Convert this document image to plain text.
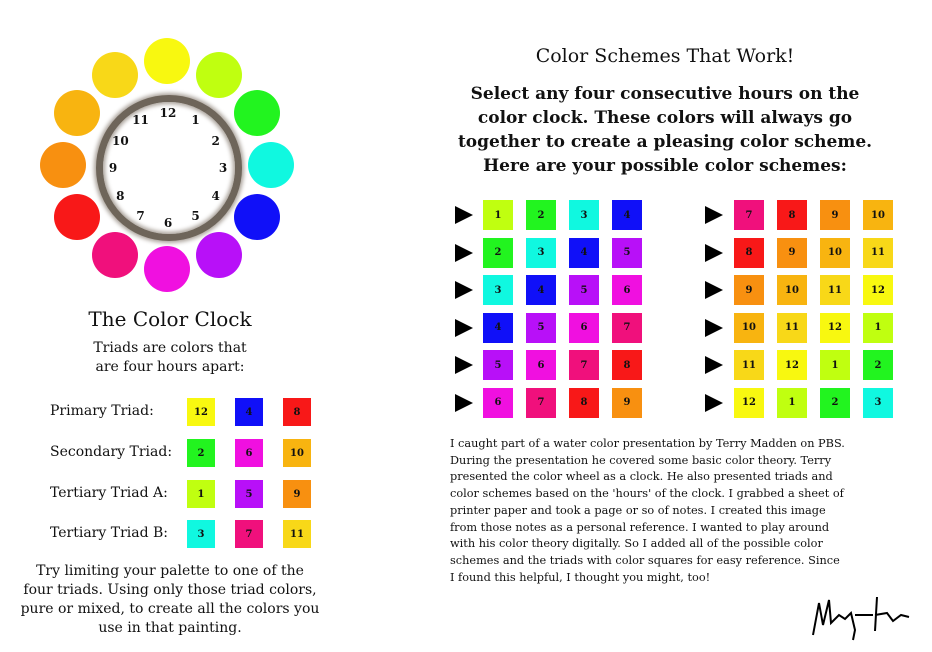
12
1
2
3
4
5
6
7
8
9
10
11
The Color Clock
Triads are colors that
are four hours apart:
Primary Triad:	12	4	8
Secondary Triad:	2	6	10
Tertiary Triad A:	1	5	9
Tertiary Triad B:	3	7	11
Try limiting your palette to one of the
four triads. Using only those triad colors,
pure or mixed, to create all the colors you
use in that painting.
Color Schemes That Work!
Select any four consecutive hours on the
color clock. These colors will always go
together to create a pleasing color scheme.
Here are your possible color schemes:
1	2	3	4
2	3	4	5
3	4	5	6
4	5	6	7
5	6	7	8
6	7	8	9
7	8	9	10
8	9	10	11
9	10	11	12
10	11	12	1
11	12	1	2
12	1	2	3
I caught part of a water color presentation by Terry Madden on PBS.
During the presentation he covered some basic color theory. Terry
presented the color wheel as a clock. He also presented triads and
color schemes based on the 'hours' of the clock. I grabbed a sheet of
printer paper and took a page or so of notes. I created this image
from those notes as a personal reference. I wanted to play around
with his color theory digitally. So I added all of the possible color
schemes and the triads with color squares for easy reference. Since
I found this helpful, I thought you might, too!
